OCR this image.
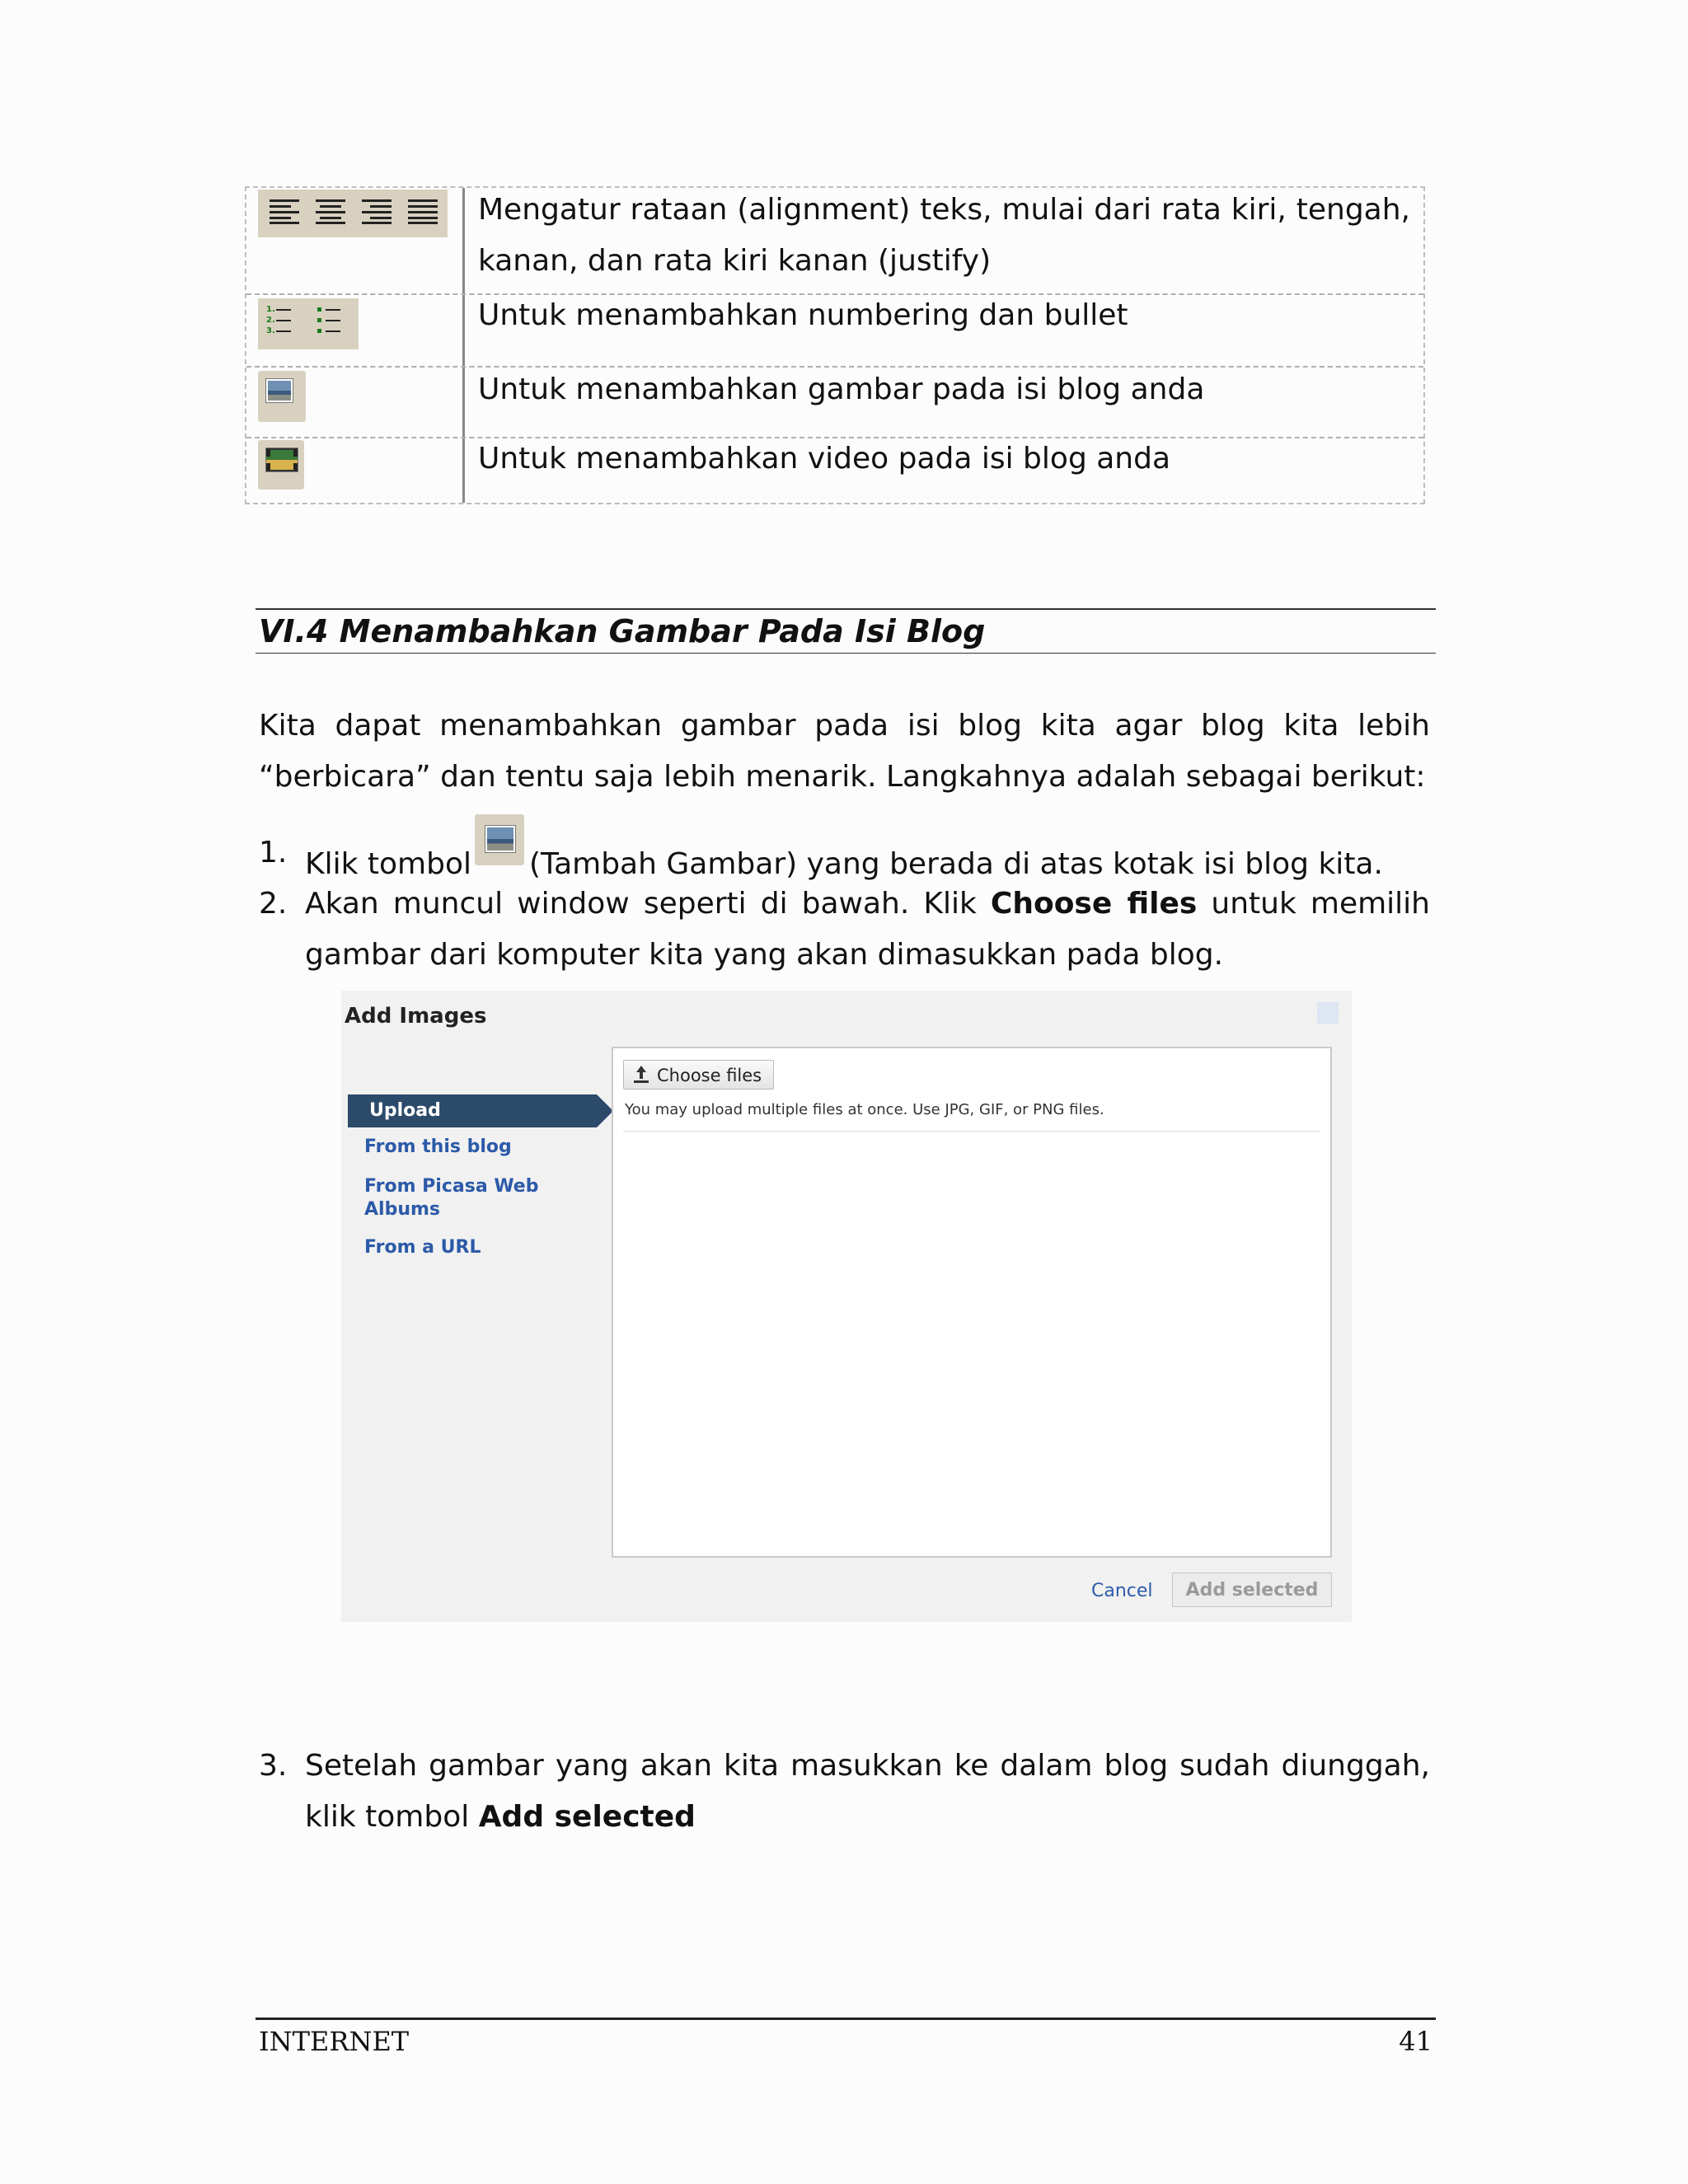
Mengatur rataan (alignment) teks, mulai dari rata kiri, tengah, kanan, dan rata kiri kanan (justify)
1.
2.
3.	Untuk menambahkan numbering dan bullet
Untuk menambahkan gambar pada isi blog anda
Untuk menambahkan video pada isi blog anda
VI.4 Menambahkan Gambar Pada Isi Blog
Kita dapat menambahkan gambar pada isi blog kita agar blog kita lebih “berbicara” dan tentu saja lebih menarik. Langkahnya adalah sebagai berikut:
1. Klik tombol (Tambah Gambar) yang berada di atas kotak isi blog kita.
2. Akan muncul window seperti di bawah. Klik Choose files untuk memilih gambar dari komputer kita yang akan dimasukkan pada blog.
Add Images
Upload
From this blog
From Picasa Web Albums
From a URL
Choose files
You may upload multiple files at once. Use JPG, GIF, or PNG files.
Cancel	Add selected
3. Setelah gambar yang akan kita masukkan ke dalam blog sudah diunggah, klik tombol Add selected
INTERNET	41
